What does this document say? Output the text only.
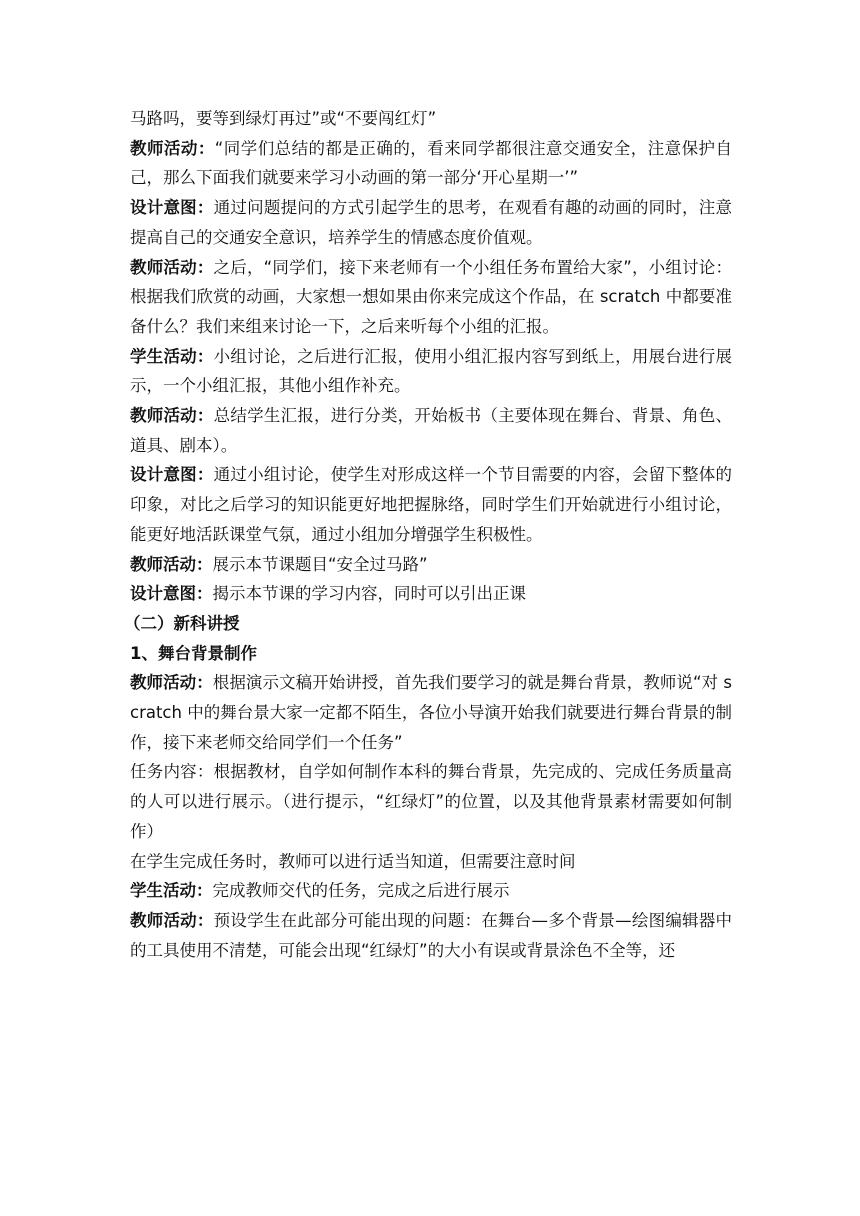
马路吗，要等到绿灯再过”或“不要闯红灯”

教师活动：“同学们总结的都是正确的，看来同学都很注意交通安全，注意保护自己，那么下面我们就要来学习小动画的第一部分‘开心星期一’”

设计意图：通过问题提问的方式引起学生的思考，在观看有趣的动画的同时，注意提高自己的交通安全意识，培养学生的情感态度价值观。

教师活动：之后，“同学们，接下来老师有一个小组任务布置给大家”，小组讨论：根据我们欣赏的动画，大家想一想如果由你来完成这个作品，在 scratch 中都要准备什么？我们来组来讨论一下，之后来听每个小组的汇报。

学生活动：小组讨论，之后进行汇报，使用小组汇报内容写到纸上，用展台进行展示，一个小组汇报，其他小组作补充。

教师活动：总结学生汇报，进行分类，开始板书（主要体现在舞台、背景、角色、道具、剧本）。

设计意图：通过小组讨论，使学生对形成这样一个节目需要的内容，会留下整体的印象，对比之后学习的知识能更好地把握脉络，同时学生们开始就进行小组讨论，能更好地活跃课堂气氛，通过小组加分增强学生积极性。

教师活动：展示本节课题目“安全过马路”

设计意图：揭示本节课的学习内容，同时可以引出正课

（二）新科讲授

1、舞台背景制作

教师活动：根据演示文稿开始讲授，首先我们要学习的就是舞台背景，教师说“对 scratch 中的舞台景大家一定都不陌生，各位小导演开始我们就要进行舞台背景的制作，接下来老师交给同学们一个任务”

任务内容：根据教材，自学如何制作本科的舞台背景，先完成的、完成任务质量高的人可以进行展示。（进行提示，“红绿灯”的位置，以及其他背景素材需要如何制作）

在学生完成任务时，教师可以进行适当知道，但需要注意时间

学生活动：完成教师交代的任务，完成之后进行展示

教师活动：预设学生在此部分可能出现的问题：在舞台—多个背景—绘图编辑器中的工具使用不清楚，可能会出现“红绿灯”的大小有误或背景涂色不全等，还
